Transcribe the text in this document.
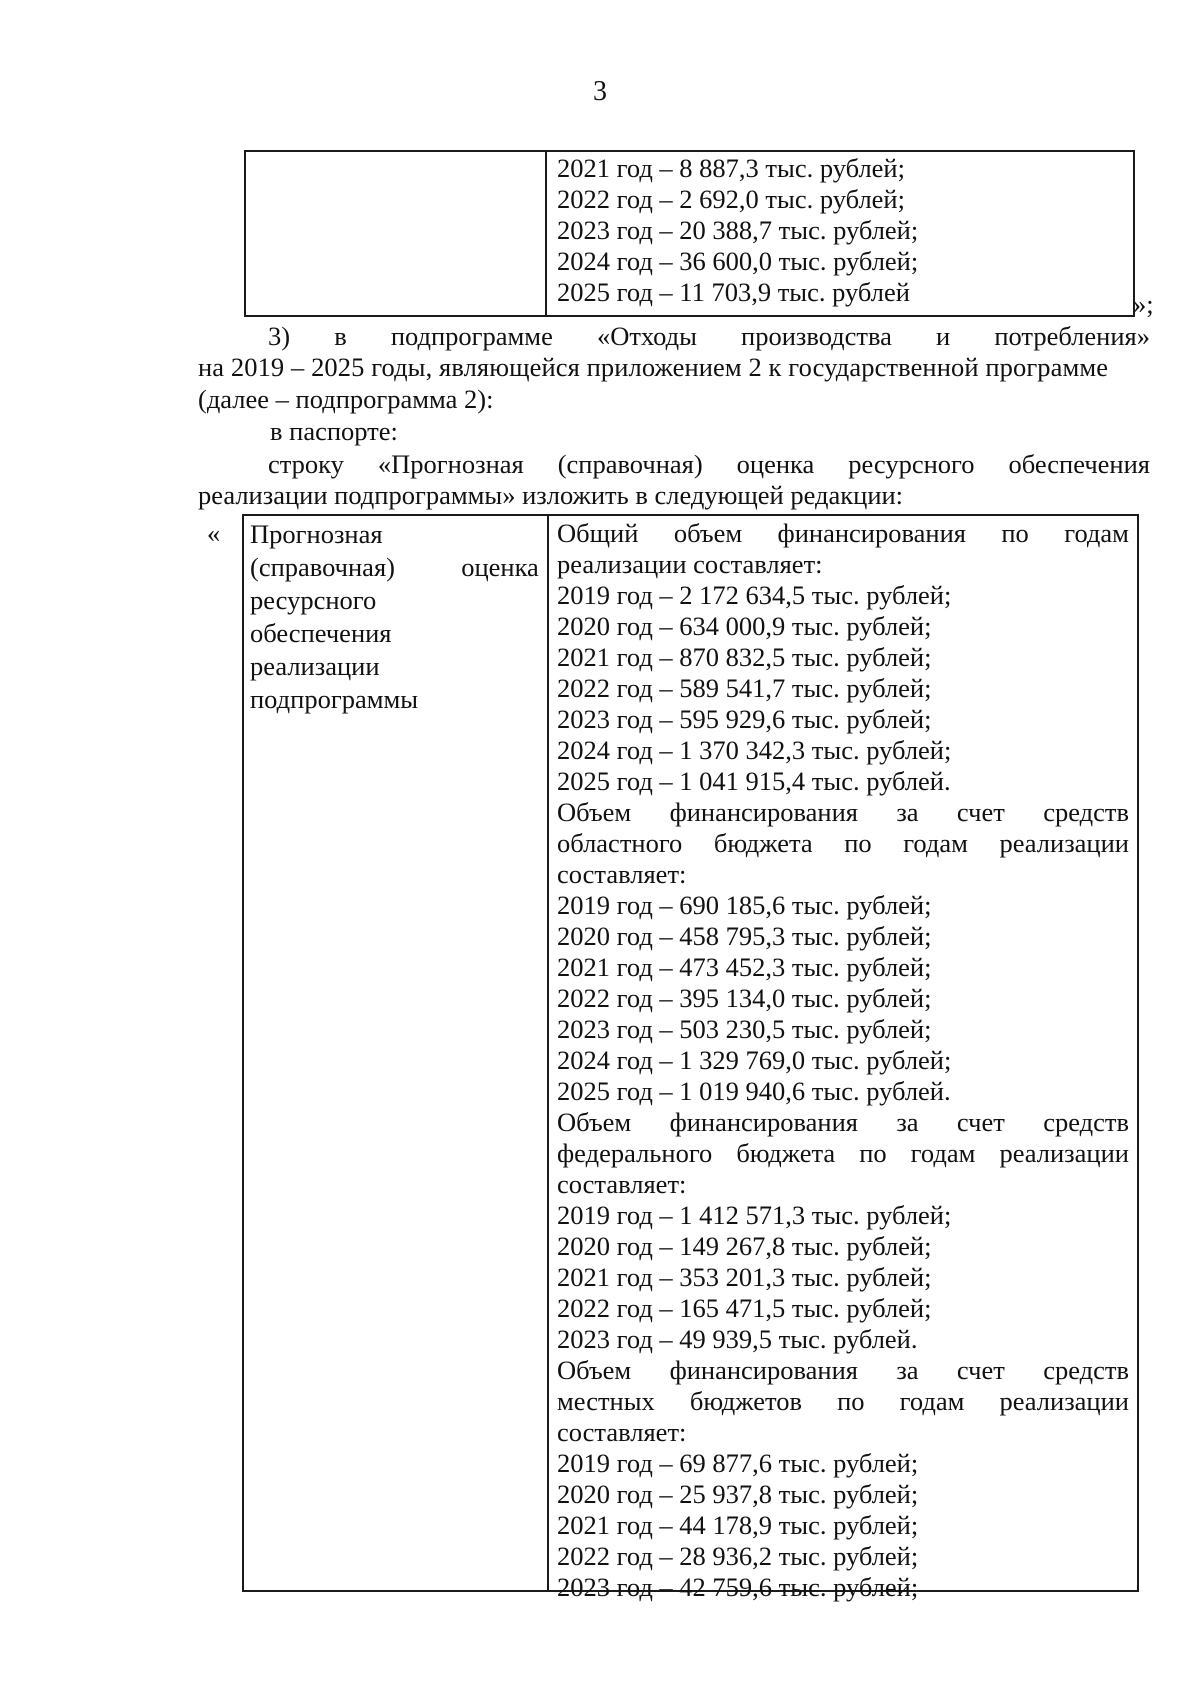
3
2021 год – 8 887,3 тыс. рублей;
2022 год – 2 692,0 тыс. рублей;
2023 год – 20 388,7 тыс. рублей;
2024 год – 36 600,0 тыс. рублей;
2025 год – 11 703,9 тыс. рублей	»;
3) в подпрограмме «Отходы производства и потребления»
на 2019 – 2025 годы, являющейся приложением 2 к государственной программе
(далее – подпрограмма 2):
в паспорте:
строку «Прогнозная (справочная) оценка ресурсного обеспечения
реализации подпрограммы» изложить в следующей редакции:
« Прогнозная
(справочная)          оценка
ресурсного
обеспечения
реализации
подпрограммы
Общий объем финансирования по годам
реализации составляет:
2019 год – 2 172 634,5 тыс. рублей;
2020 год – 634 000,9 тыс. рублей;
2021 год – 870 832,5 тыс. рублей;
2022 год – 589 541,7 тыс. рублей;
2023 год – 595 929,6 тыс. рублей;
2024 год – 1 370 342,3 тыс. рублей;
2025 год – 1 041 915,4 тыс. рублей.
Объем финансирования за счет средств
областного бюджета по годам реализации
составляет:
2019 год – 690 185,6 тыс. рублей;
2020 год – 458 795,3 тыс. рублей;
2021 год – 473 452,3 тыс. рублей;
2022 год – 395 134,0 тыс. рублей;
2023 год – 503 230,5 тыс. рублей;
2024 год – 1 329 769,0 тыс. рублей;
2025 год – 1 019 940,6 тыс. рублей.
Объем финансирования за счет средств
федерального бюджета по годам реализации
составляет:
2019 год – 1 412 571,3 тыс. рублей;
2020 год – 149 267,8 тыс. рублей;
2021 год – 353 201,3 тыс. рублей;
2022 год – 165 471,5 тыс. рублей;
2023 год – 49 939,5 тыс. рублей.
Объем финансирования за счет средств
местных бюджетов по годам реализации
составляет:
2019 год – 69 877,6 тыс. рублей;
2020 год – 25 937,8 тыс. рублей;
2021 год – 44 178,9 тыс. рублей;
2022 год – 28 936,2 тыс. рублей;
2023 год – 42 759,6 тыс. рублей;
